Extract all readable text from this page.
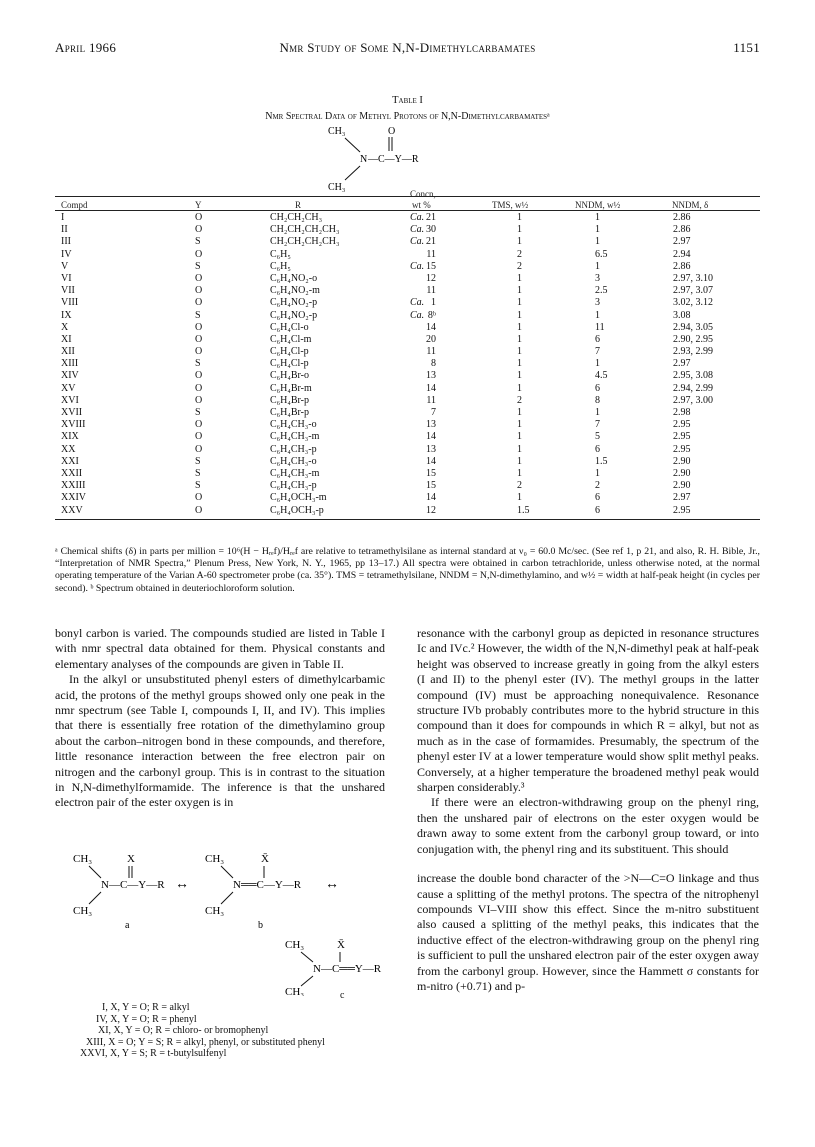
April 1966	Nmr Study of Some N,N-Dimethylcarbamates	1151
Table I
Nmr Spectral Data of Methyl Protons of N,N-Dimethylcarbamatesᵃ
CH₃	O
N —C—Y—R
CH₃
Concn,
Compd	Y	R	wt %	TMS, w½	NNDM, w½	NNDM, δ
I	O	CH₂CH₂CH₃	Ca. 21	1	1	2.86
II	O	CH₂CH₂CH₂CH₃	Ca. 30	1	1	2.86
III	S	CH₂CH₂CH₂CH₃	Ca. 21	1	1	2.97
IV	O	C₆H₅	11	2	6.5	2.94
V	S	C₆H₅	Ca. 15	2	1	2.86
VI	O	C₆H₄NO₂-o	12	1	3	2.97, 3.10
VII	O	C₆H₄NO₂-m	11	1	2.5	2.97, 3.07
VIII	O	C₆H₄NO₂-p	Ca. 1	1	3	3.02, 3.12
IX	S	C₆H₄NO₂-p	Ca. 8ᵇ	1	1	3.08
X	O	C₆H₄Cl-o	14	1	11	2.94, 3.05
XI	O	C₆H₄Cl-m	20	1	6	2.90, 2.95
XII	O	C₆H₄Cl-p	11	1	7	2.93, 2.99
XIII	S	C₆H₄Cl-p	8	1	1	2.97
XIV	O	C₆H₄Br-o	13	1	4.5	2.95, 3.08
XV	O	C₆H₄Br-m	14	1	6	2.94, 2.99
XVI	O	C₆H₄Br-p	11	2	8	2.97, 3.00
XVII	S	C₆H₄Br-p	7	1	1	2.98
XVIII	O	C₆H₄CH₃-o	13	1	7	2.95
XIX	O	C₆H₄CH₃-m	14	1	5	2.95
XX	O	C₆H₄CH₃-p	13	1	6	2.95
XXI	S	C₆H₄CH₃-o	14	1	1.5	2.90
XXII	S	C₆H₄CH₃-m	15	1	1	2.90
XXIII	S	C₆H₄CH₃-p	15	2	2	2.90
XXIV	O	C₆H₄OCH₃-m	14	1	6	2.97
XXV	O	C₆H₄OCH₃-p	12	1.5	6	2.95
ᵃ Chemical shifts (δ) in parts per million = 10⁶(H − Hᵣₑf)/Hᵣₑf are relative to tetramethylsilane as internal standard at ν₀ = 60.0 Mc/sec. (See ref 1, p 21, and also, R. H. Bible, Jr., “Interpretation of NMR Spectra,” Plenum Press, New York, N. Y., 1965, pp 13–17.) All spectra were obtained in carbon tetrachloride, unless otherwise noted, at the normal operating temperature of the Varian A-60 spectrometer probe (ca. 35°). TMS = tetramethylsilane, NNDM = N,N-dimethylamino, and w½ = width at half-peak height (in cycles per second). ᵇ Spectrum obtained in deuteriochloroform solution.

bonyl carbon is varied. The compounds studied are listed in Table I with nmr spectral data obtained for them. Physical constants and elementary analyses of the compounds are given in Table II.

In the alkyl or unsubstituted phenyl esters of dimethylcarbamic acid, the protons of the methyl groups showed only one peak in the nmr spectrum (see Table I, compounds I, II, and IV). This implies that there is essentially free rotation of the dimethylamino group about the carbon–nitrogen bond in these compounds, and therefore, little resonance interaction between the free electron pair on nitrogen and the carbonyl group. This is in contrast to the situation in N,N-dimethylformamide. The inference is that the unshared electron pair of the ester oxygen is in

CH₃	X
N—C—Y—R ↔
CH₃
a
CH₃	X̄
N══C—Y—R ↔
CH₃
b
CH₃	X̄
N—C══Y—R
CH₃	c
I, X, Y = O; R = alkyl
IV, X, Y = O; R = phenyl
XI, X, Y = O; R = chloro- or bromophenyl
XIII, X = O; Y = S; R = alkyl, phenyl, or substituted phenyl
XXVI, X, Y = S; R = t-butylsulfenyl

resonance with the carbonyl group as depicted in resonance structures Ic and IVc.² However, the width of the N,N-dimethyl peak at half-peak height was observed to increase greatly in going from the alkyl esters (I and II) to the phenyl ester (IV). The methyl groups in the latter compound (IV) must be approaching nonequivalence. Resonance structure IVb probably contributes more to the hybrid structure in this compound than it does for compounds in which R = alkyl, but not as much as in the case of formamides. Presumably, the spectrum of the phenyl ester IV at a lower temperature would show split methyl peaks. Conversely, at a higher temperature the broadened methyl peak would sharpen considerably.³

If there were an electron-withdrawing group on the phenyl ring, then the unshared pair of electrons on the ester oxygen would be drawn away to some extent from the carbonyl group toward, or into conjugation with, the phenyl ring and its substituent. This should

increase the double bond character of the >N—C=O linkage and thus cause a splitting of the methyl protons. The spectra of the nitrophenyl compounds VI–VIII show this effect. Since the m-nitro substituent also caused a splitting of the methyl peaks, this indicates that the inductive effect of the electron-withdrawing group on the phenyl ring is sufficient to pull the unshared electron pair of the ester oxygen away from the carbonyl group. However, since the Hammett σ constants for m-nitro (+0.71) and p-
